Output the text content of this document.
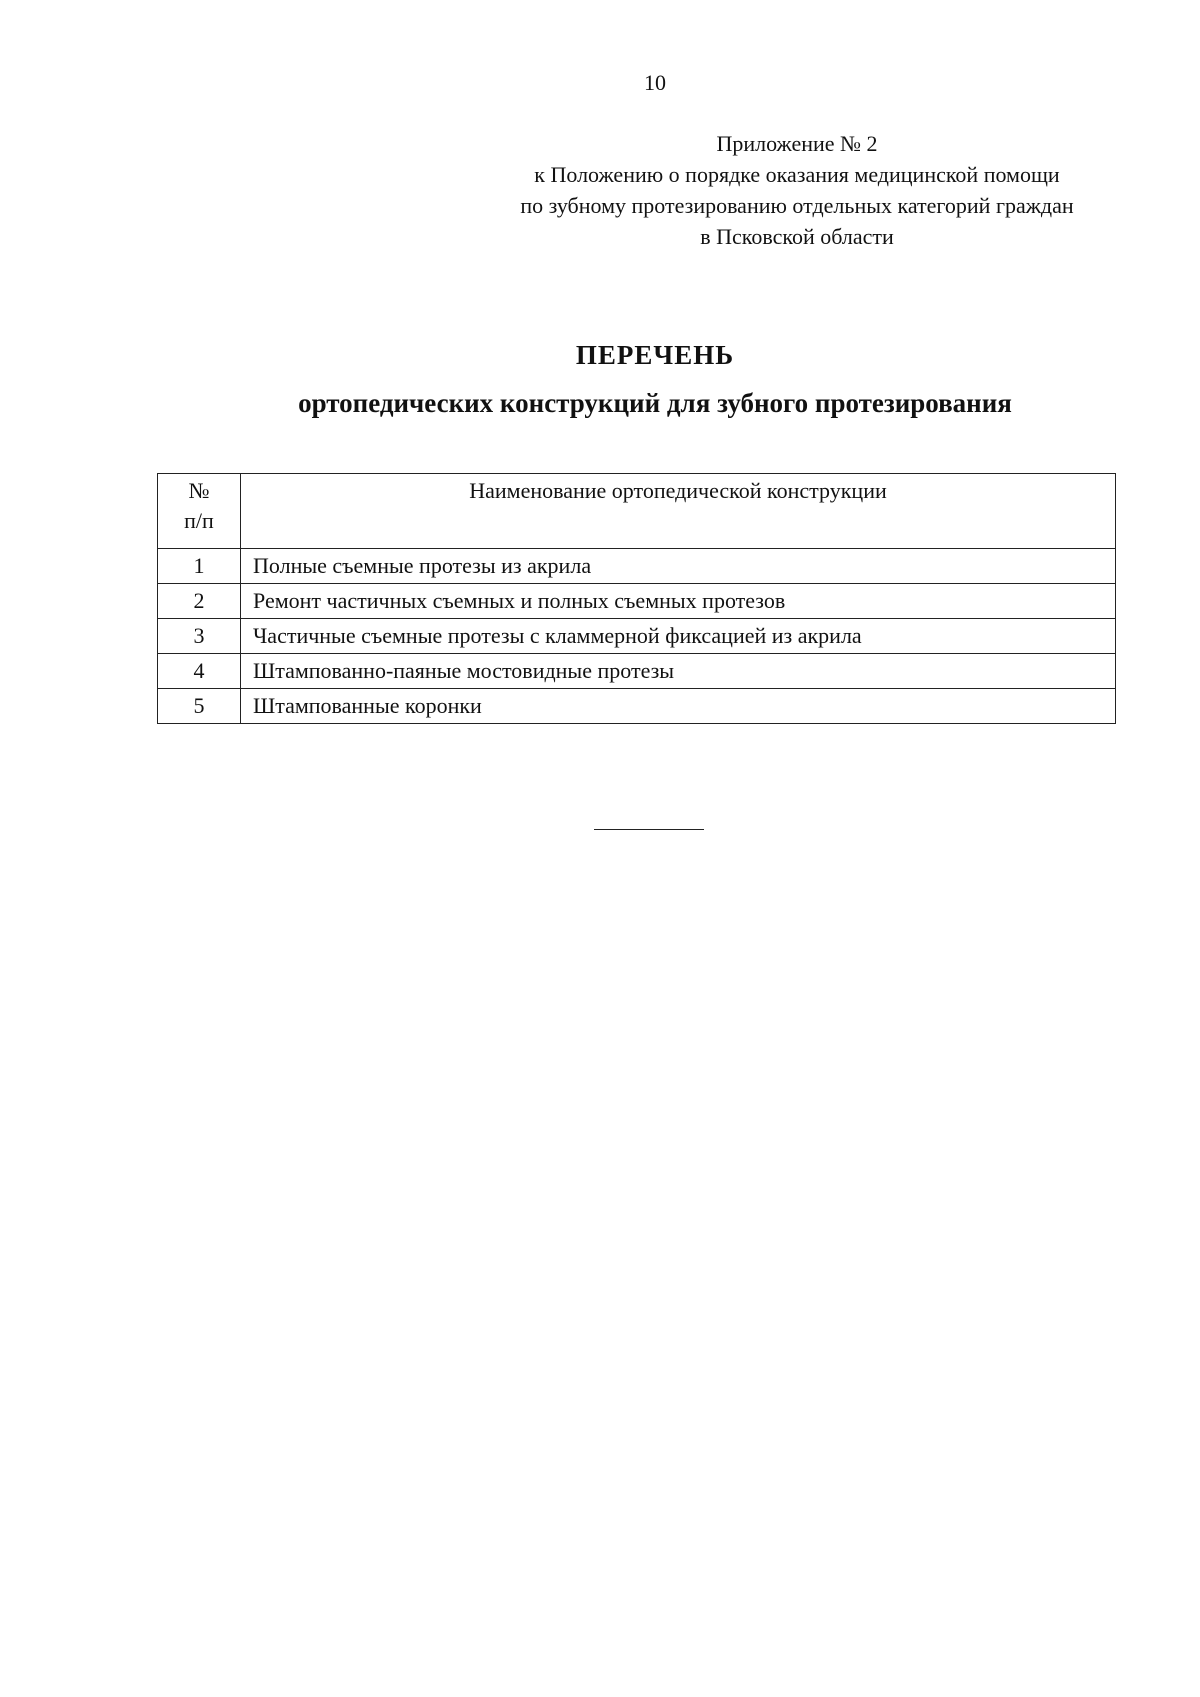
10
Приложение № 2
к Положению о порядке оказания медицинской помощи
по зубному протезированию отдельных категорий граждан
в Псковской области
ПЕРЕЧЕНЬ
ортопедических конструкций для зубного протезирования
№
п/п	Наименование ортопедической конструкции
1	Полные съемные протезы из акрила
2	Ремонт частичных съемных и полных съемных протезов
3	Частичные съемные протезы с кламмерной фиксацией из акрила
4	Штампованно-паяные мостовидные протезы
5	Штампованные коронки
